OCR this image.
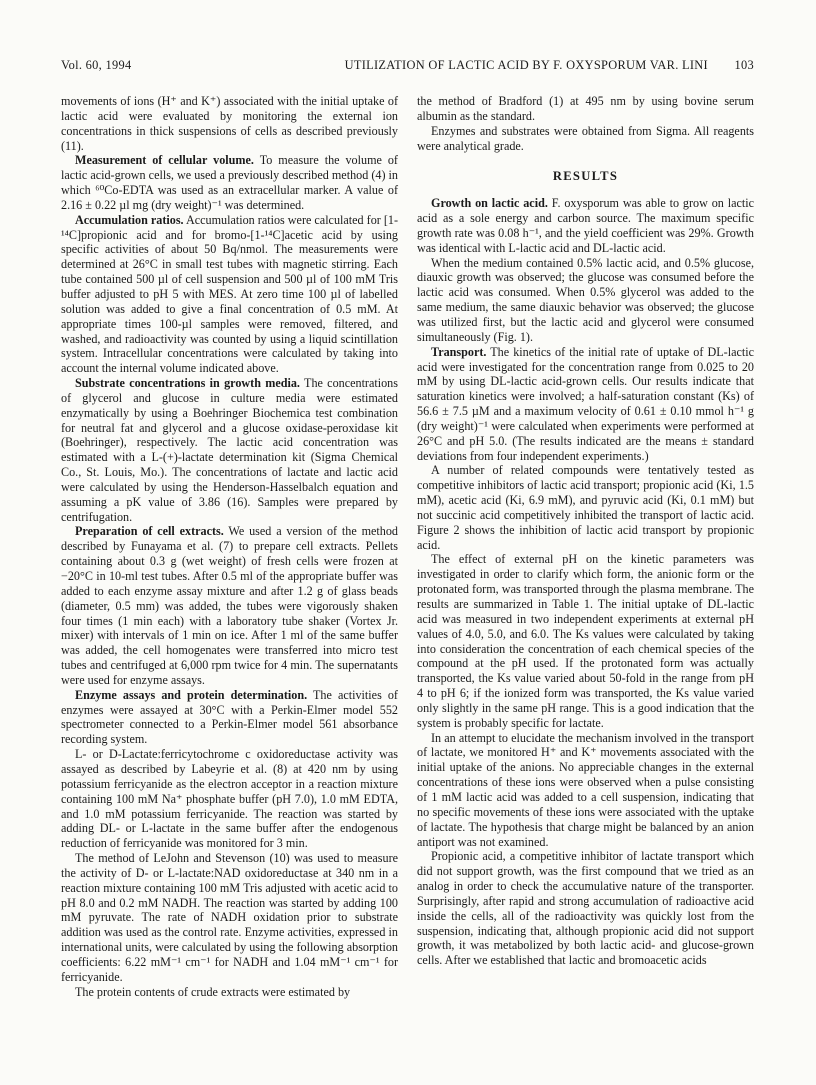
Vol. 60, 1994	UTILIZATION OF LACTIC ACID BY F. OXYSPORUM VAR. LINI	103

movements of ions (H⁺ and K⁺) associated with the initial uptake of lactic acid were evaluated by monitoring the external ion concentrations in thick suspensions of cells as described previously (11).

Measurement of cellular volume. To measure the volume of lactic acid-grown cells, we used a previously described method (4) in which ⁶⁰Co-EDTA was used as an extracellular marker. A value of 2.16 ± 0.22 µl mg (dry weight)⁻¹ was determined.

Accumulation ratios. Accumulation ratios were calculated for [1-¹⁴C]propionic acid and for bromo-[1-¹⁴C]acetic acid by using specific activities of about 50 Bq/nmol. The measurements were determined at 26°C in small test tubes with magnetic stirring. Each tube contained 500 µl of cell suspension and 500 µl of 100 mM Tris buffer adjusted to pH 5 with MES. At zero time 100 µl of labelled solution was added to give a final concentration of 0.5 mM. At appropriate times 100-µl samples were removed, filtered, and washed, and radioactivity was counted by using a liquid scintillation system. Intracellular concentrations were calculated by taking into account the internal volume indicated above.

Substrate concentrations in growth media. The concentrations of glycerol and glucose in culture media were estimated enzymatically by using a Boehringer Biochemica test combination for neutral fat and glycerol and a glucose oxidase-peroxidase kit (Boehringer), respectively. The lactic acid concentration was estimated with a L-(+)-lactate determination kit (Sigma Chemical Co., St. Louis, Mo.). The concentrations of lactate and lactic acid were calculated by using the Henderson-Hasselbalch equation and assuming a pK value of 3.86 (16). Samples were prepared by centrifugation.

Preparation of cell extracts. We used a version of the method described by Funayama et al. (7) to prepare cell extracts. Pellets containing about 0.3 g (wet weight) of fresh cells were frozen at −20°C in 10-ml test tubes. After 0.5 ml of the appropriate buffer was added to each enzyme assay mixture and after 1.2 g of glass beads (diameter, 0.5 mm) was added, the tubes were vigorously shaken four times (1 min each) with a laboratory tube shaker (Vortex Jr. mixer) with intervals of 1 min on ice. After 1 ml of the same buffer was added, the cell homogenates were transferred into micro test tubes and centrifuged at 6,000 rpm twice for 4 min. The supernatants were used for enzyme assays.

Enzyme assays and protein determination. The activities of enzymes were assayed at 30°C with a Perkin-Elmer model 552 spectrometer connected to a Perkin-Elmer model 561 absorbance recording system.

L- or D-Lactate:ferricytochrome c oxidoreductase activity was assayed as described by Labeyrie et al. (8) at 420 nm by using potassium ferricyanide as the electron acceptor in a reaction mixture containing 100 mM Na⁺ phosphate buffer (pH 7.0), 1.0 mM EDTA, and 1.0 mM potassium ferricyanide. The reaction was started by adding DL- or L-lactate in the same buffer after the endogenous reduction of ferricyanide was monitored for 3 min.

The method of LeJohn and Stevenson (10) was used to measure the activity of D- or L-lactate:NAD oxidoreductase at 340 nm in a reaction mixture containing 100 mM Tris adjusted with acetic acid to pH 8.0 and 0.2 mM NADH. The reaction was started by adding 100 mM pyruvate. The rate of NADH oxidation prior to substrate addition was used as the control rate. Enzyme activities, expressed in international units, were calculated by using the following absorption coefficients: 6.22 mM⁻¹ cm⁻¹ for NADH and 1.04 mM⁻¹ cm⁻¹ for ferricyanide.

The protein contents of crude extracts were estimated by

the method of Bradford (1) at 495 nm by using bovine serum albumin as the standard.

Enzymes and substrates were obtained from Sigma. All reagents were analytical grade.

RESULTS

Growth on lactic acid. F. oxysporum was able to grow on lactic acid as a sole energy and carbon source. The maximum specific growth rate was 0.08 h⁻¹, and the yield coefficient was 29%. Growth was identical with L-lactic acid and DL-lactic acid.

When the medium contained 0.5% lactic acid, and 0.5% glucose, diauxic growth was observed; the glucose was consumed before the lactic acid was consumed. When 0.5% glycerol was added to the same medium, the same diauxic behavior was observed; the glucose was utilized first, but the lactic acid and glycerol were consumed simultaneously (Fig. 1).

Transport. The kinetics of the initial rate of uptake of DL-lactic acid were investigated for the concentration range from 0.025 to 20 mM by using DL-lactic acid-grown cells. Our results indicate that saturation kinetics were involved; a half-saturation constant (Ks) of 56.6 ± 7.5 µM and a maximum velocity of 0.61 ± 0.10 mmol h⁻¹ g (dry weight)⁻¹ were calculated when experiments were performed at 26°C and pH 5.0. (The results indicated are the means ± standard deviations from four independent experiments.)

A number of related compounds were tentatively tested as competitive inhibitors of lactic acid transport; propionic acid (Ki, 1.5 mM), acetic acid (Ki, 6.9 mM), and pyruvic acid (Ki, 0.1 mM) but not succinic acid competitively inhibited the transport of lactic acid. Figure 2 shows the inhibition of lactic acid transport by propionic acid.

The effect of external pH on the kinetic parameters was investigated in order to clarify which form, the anionic form or the protonated form, was transported through the plasma membrane. The results are summarized in Table 1. The initial uptake of DL-lactic acid was measured in two independent experiments at external pH values of 4.0, 5.0, and 6.0. The Ks values were calculated by taking into consideration the concentration of each chemical species of the compound at the pH used. If the protonated form was actually transported, the Ks value varied about 50-fold in the range from pH 4 to pH 6; if the ionized form was transported, the Ks value varied only slightly in the same pH range. This is a good indication that the system is probably specific for lactate.

In an attempt to elucidate the mechanism involved in the transport of lactate, we monitored H⁺ and K⁺ movements associated with the initial uptake of the anions. No appreciable changes in the external concentrations of these ions were observed when a pulse consisting of 1 mM lactic acid was added to a cell suspension, indicating that no specific movements of these ions were associated with the uptake of lactate. The hypothesis that charge might be balanced by an anion antiport was not examined.

Propionic acid, a competitive inhibitor of lactate transport which did not support growth, was the first compound that we tried as an analog in order to check the accumulative nature of the transporter. Surprisingly, after rapid and strong accumulation of radioactive acid inside the cells, all of the radioactivity was quickly lost from the suspension, indicating that, although propionic acid did not support growth, it was metabolized by both lactic acid- and glucose-grown cells. After we established that lactic and bromoacetic acids
